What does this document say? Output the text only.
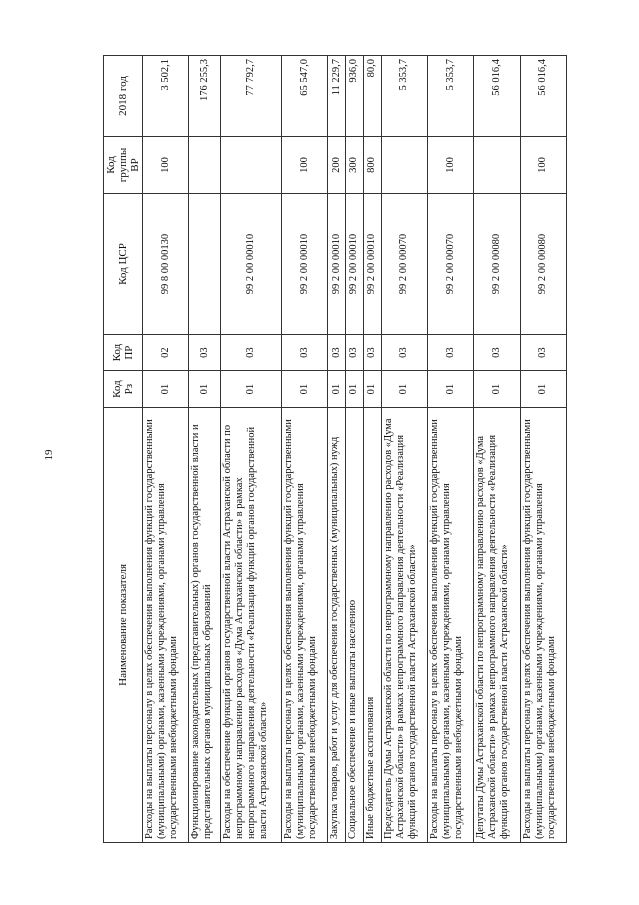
19
Наименование показателя	Код Рз	Код ПР	Код ЦСР	Код группы ВР	2018 год
Расходы на выплаты персоналу в целях обеспечения выполнения функций государственными (муниципальными) органами, казенными учреждениями, органами управления государственными внебюджетными фондами	01	02	99 8 00 00130	100	3 502,1
Функционирование законодательных (представительных) органов государственной власти и представительных органов муниципальных образований	01	03			176 255,3
Расходы на обеспечение функций органов государственной власти Астраханской области по непрограммному направлению расходов «Дума Астраханской области» в рамках непрограммного направления деятельности «Реализация функций органов государственной власти Астраханской области»	01	03	99 2 00 00010		77 792,7
Расходы на выплаты персоналу в целях обеспечения выполнения функций государственными (муниципальными) органами, казенными учреждениями, органами управления государственными внебюджетными фондами	01	03	99 2 00 00010	100	65 547,0
Закупка товаров, работ и услуг для обеспечения государственных (муниципальных) нужд	01	03	99 2 00 00010	200	11 229,7
Социальное обеспечение и иные выплаты населению	01	03	99 2 00 00010	300	936,0
Иные бюджетные ассигнования	01	03	99 2 00 00010	800	80,0
Председатель Думы Астраханской области по непрограммному направлению расходов «Дума Астраханской области» в рамках непрограммного направления деятельности «Реализация функций органов государственной власти Астраханской области»	01	03	99 2 00 00070		5 353,7
Расходы на выплаты персоналу в целях обеспечения выполнения функций государственными (муниципальными) органами, казенными учреждениями, органами управления государственными внебюджетными фондами	01	03	99 2 00 00070	100	5 353,7
Депутаты Думы Астраханской области по непрограммному направлению расходов «Дума Астраханской области» в рамках непрограммного направления деятельности «Реализация функций органов государственной власти Астраханской области»	01	03	99 2 00 00080		56 016,4
Расходы на выплаты персоналу в целях обеспечения выполнения функций государственными (муниципальными) органами, казенными учреждениями, органами управления государственными внебюджетными фондами	01	03	99 2 00 00080	100	56 016,4
